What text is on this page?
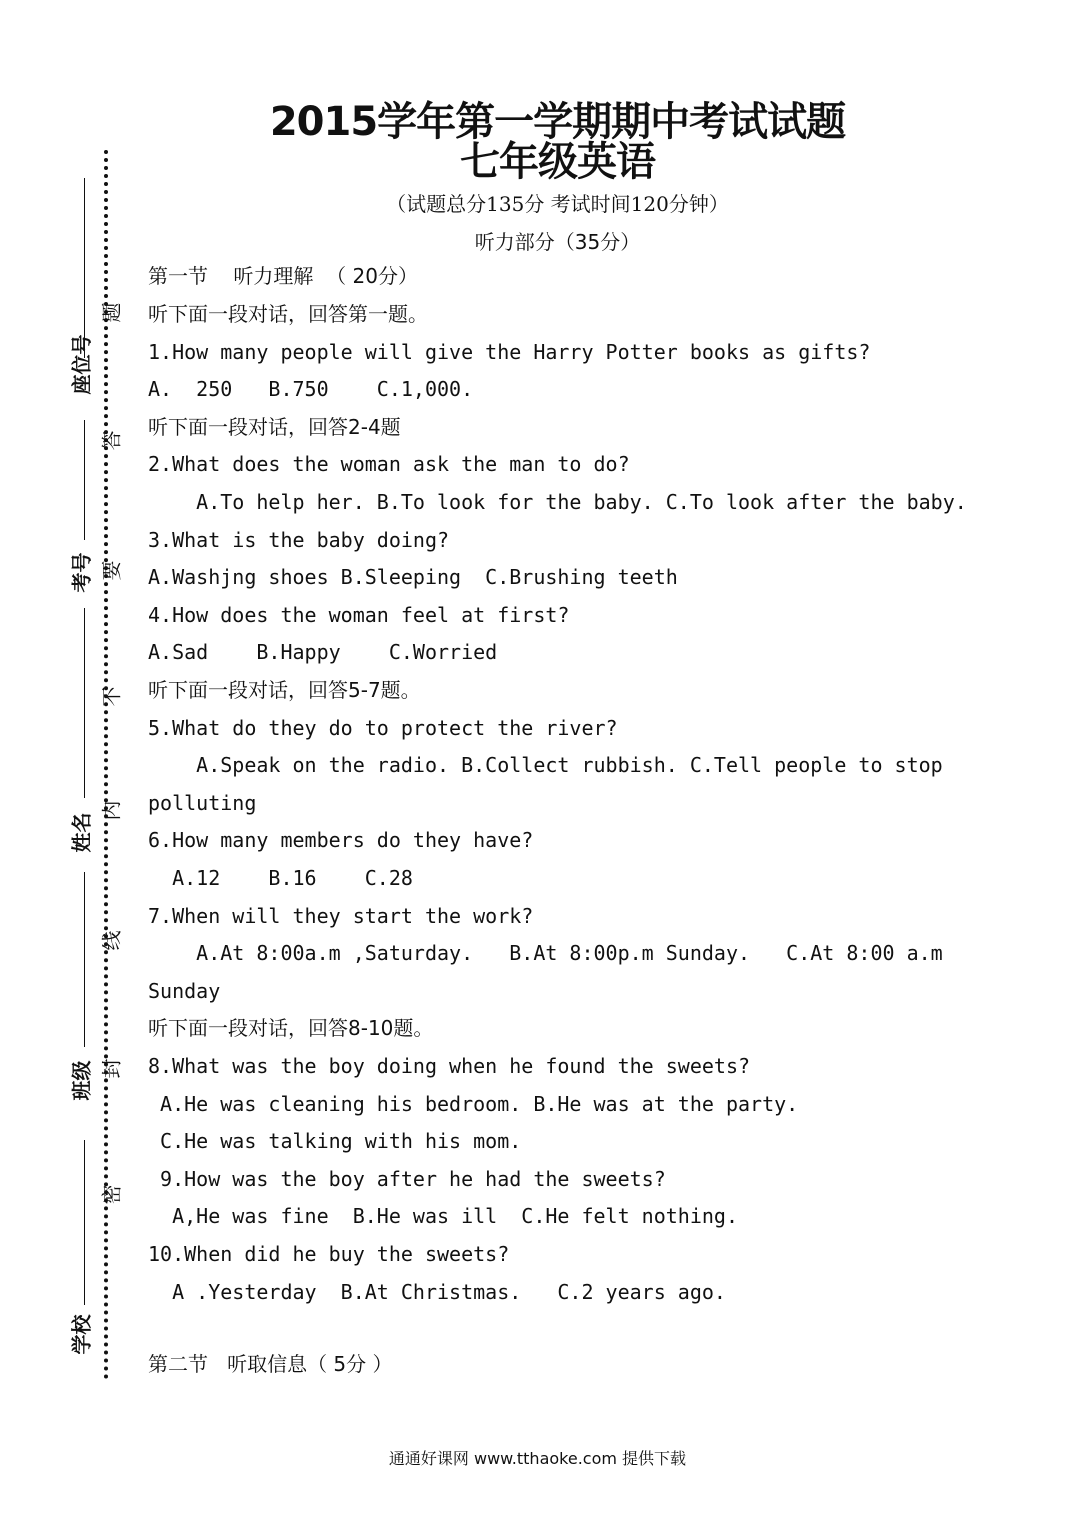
2015学年第一学期期中考试试题
七年级英语
（试题总分135分 考试时间120分钟）
听力部分（35分）
第一节    听力理解  （ 20分）
听下面一段对话，回答第一题。
1.How many people will give the Harry Potter books as gifts?
A.  250   B.750    C.1,000.
听下面一段对话，回答2-4题
2.What does the woman ask the man to do?
A.To help her. B.To look for the baby. C.To look after the baby.
3.What is the baby doing?
A.Washjng shoes B.Sleeping  C.Brushing teeth
4.How does the woman feel at first?
A.Sad    B.Happy    C.Worried
听下面一段对话，回答5-7题。
5.What do they do to protect the river?
A.Speak on the radio. B.Collect rubbish. C.Tell people to stop
polluting
6.How many members do they have?
A.12    B.16    C.28
7.When will they start the work?
A.At 8:00a.m ,Saturday.   B.At 8:00p.m Sunday.   C.At 8:00 a.m
Sunday
听下面一段对话，回答8-10题。
8.What was the boy doing when he found the sweets?
A.He was cleaning his bedroom. B.He was at the party.
C.He was talking with his mom.
9.How was the boy after he had the sweets?
A,He was fine  B.He was ill  C.He felt nothing.
10.When did he buy the sweets?
A .Yesterday  B.At Christmas.   C.2 years ago.
第二节   听取信息（ 5分 ）
座位号
考号
姓名
班级
学校
题
答
要
不
内
线
封
密
通通好课网 www.tthaoke.com 提供下载
